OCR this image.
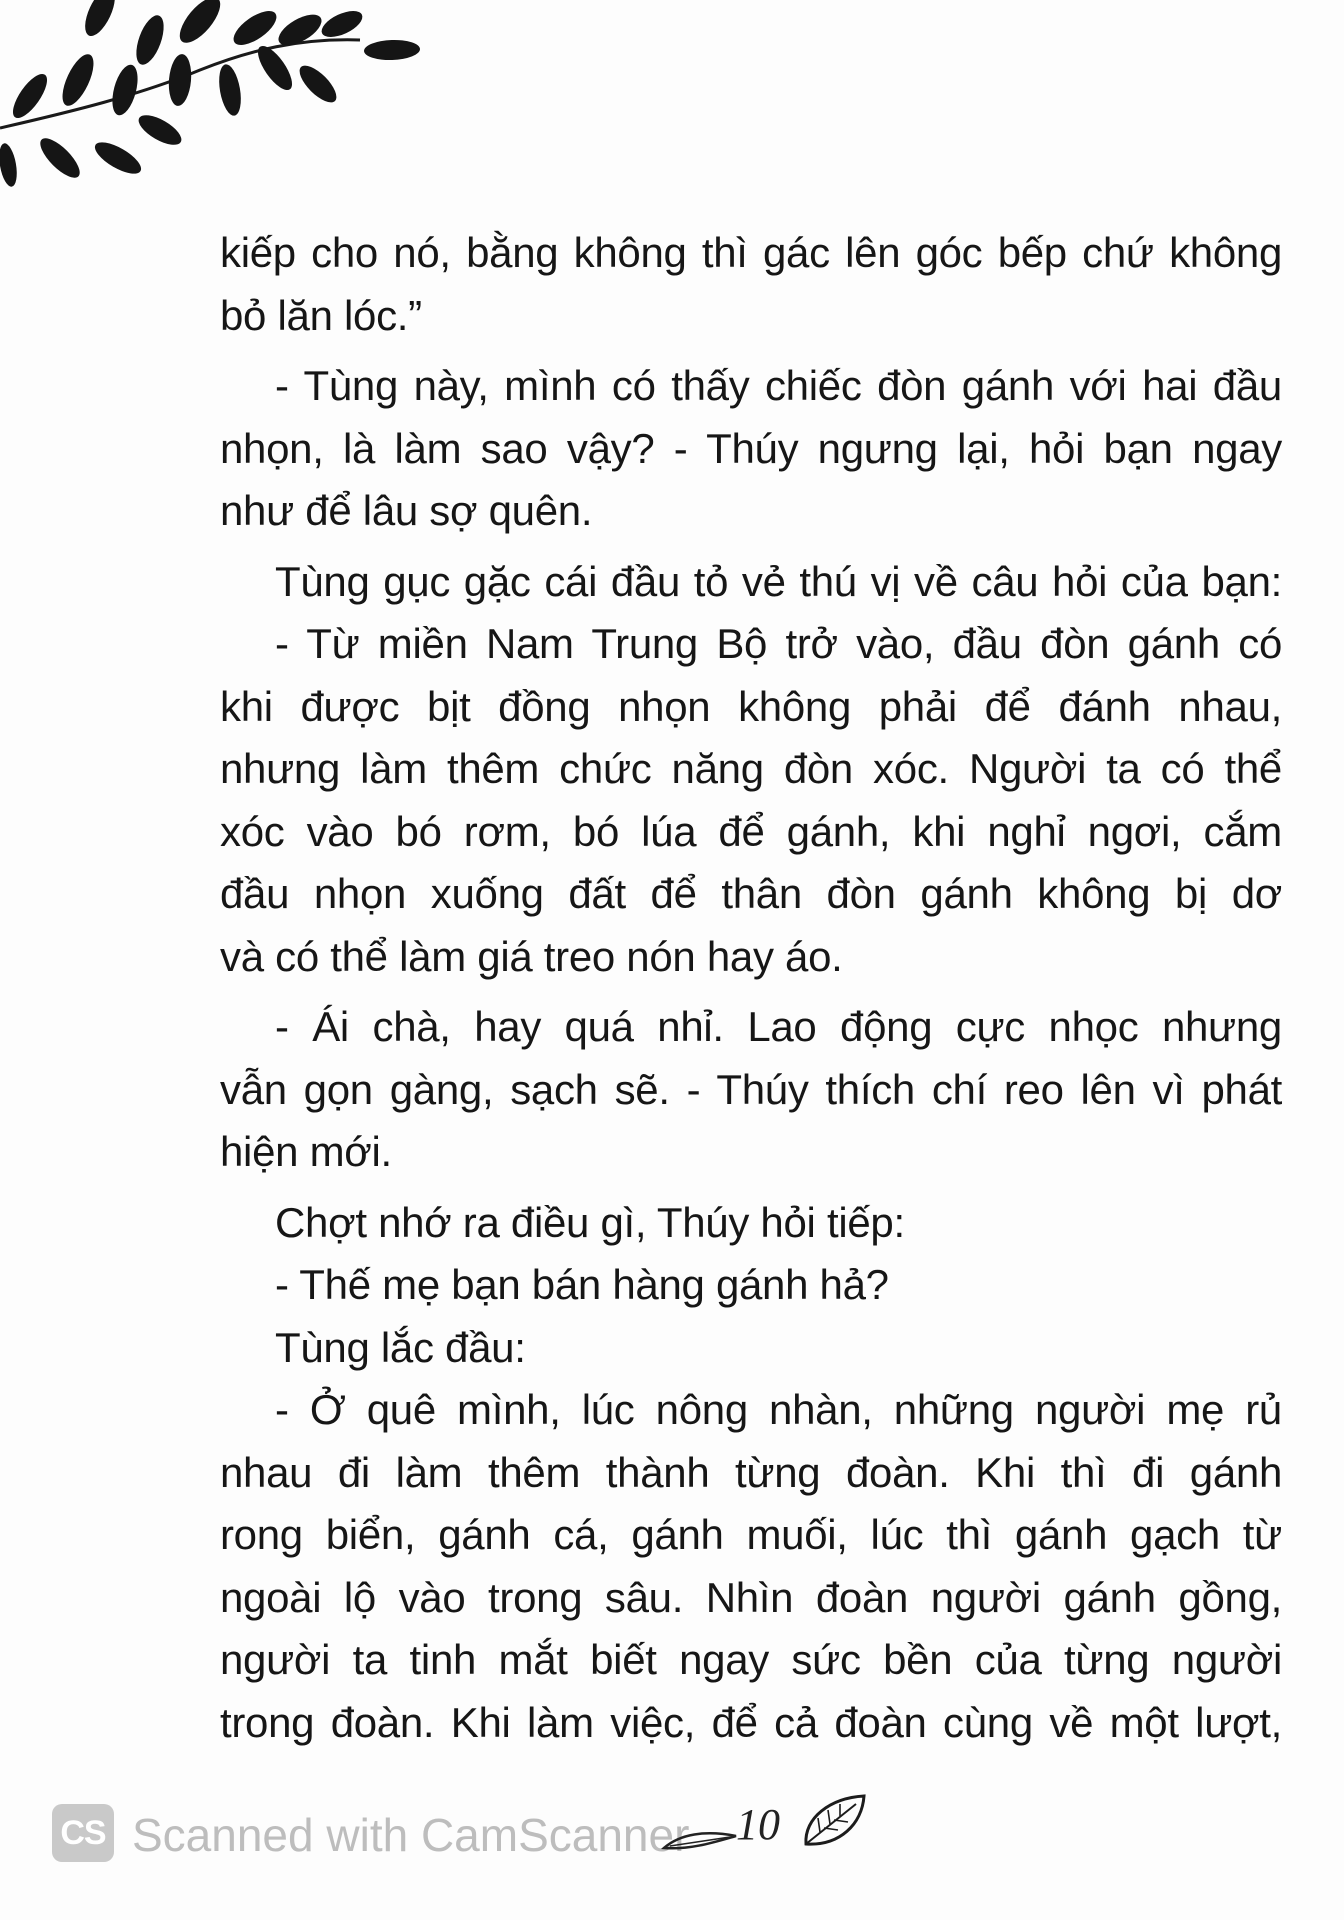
kiếp cho nó, bằng không thì gác lên góc bếp chứ không
bỏ lăn lóc.”
- Tùng này, mình có thấy chiếc đòn gánh với hai đầu
nhọn, là làm sao vậy? - Thúy ngưng lại, hỏi bạn ngay
như để lâu sợ quên.
Tùng gục gặc cái đầu tỏ vẻ thú vị về câu hỏi của bạn:
- Từ miền Nam Trung Bộ trở vào, đầu đòn gánh có
khi được bịt đồng nhọn không phải để đánh nhau,
nhưng làm thêm chức năng đòn xóc. Người ta có thể
xóc vào bó rơm, bó lúa để gánh, khi nghỉ ngơi, cắm
đầu nhọn xuống đất để thân đòn gánh không bị dơ
và có thể làm giá treo nón hay áo.
- Ái chà, hay quá nhỉ. Lao động cực nhọc nhưng
vẫn gọn gàng, sạch sẽ. - Thúy thích chí reo lên vì phát
hiện mới.
Chợt nhớ ra điều gì, Thúy hỏi tiếp:
- Thế mẹ bạn bán hàng gánh hả?
Tùng lắc đầu:
- Ở quê mình, lúc nông nhàn, những người mẹ rủ
nhau đi làm thêm thành từng đoàn. Khi thì đi gánh
rong biển, gánh cá, gánh muối, lúc thì gánh gạch từ
ngoài lộ vào trong sâu. Nhìn đoàn người gánh gồng,
người ta tinh mắt biết ngay sức bền của từng người
trong đoàn. Khi làm việc, để cả đoàn cùng về một lượt,
CS Scanned with CamScanner 10
